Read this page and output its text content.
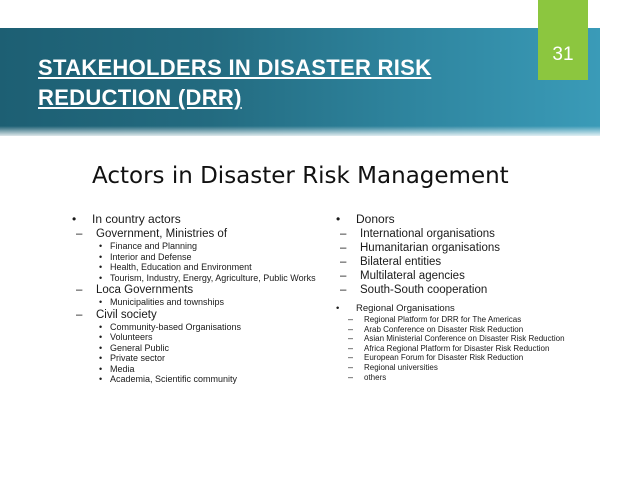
STAKEHOLDERS IN DISASTER RISK
REDUCTION (DRR)
31
Actors in Disaster Risk Management
• In country actors
– Government, Ministries of
• Finance and Planning
• Interior and Defense
• Health, Education and Environment
• Tourism, Industry, Energy, Agriculture, Public Works
– Loca Governments
• Municipalities and townships
– Civil society
• Community-based Organisations
• Volunteers
• General Public
• Private sector
• Media
• Academia, Scientific community
• Donors
– International organisations
– Humanitarian organisations
– Bilateral entities
– Multilateral agencies
– South-South cooperation
• Regional Organisations
– Regional Platform for DRR for The Americas
– Arab Conference on Disaster Risk Reduction
– Asian Ministerial Conference on Disaster Risk Reduction
– Africa Regional Platform for Disaster Risk Reduction
– European Forum for Disaster Risk Reduction
– Regional universities
– others
